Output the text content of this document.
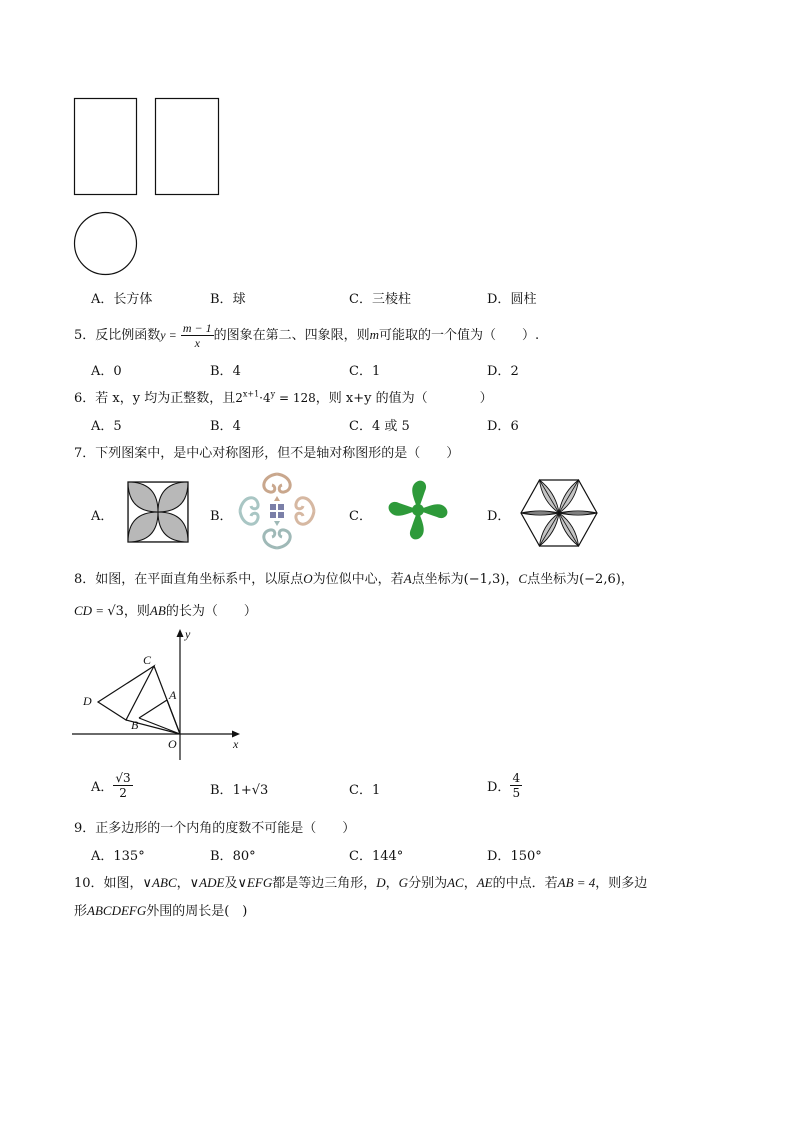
A．长方体	B．球	C．三棱柱	D．圆柱
5．反比例函数$y = \frac{m - 1}{x}$ 的图象在第二、四象限，则m可能取的一个值为（　　）.
A．0	B．4	C．1	D．2
6．若 x，y 均为正整数，且$2^{x+1}\cdot 4^y = 128$，则 x+y 的值为（　　　　）
A．5	B．4	C．4 或 5	D．6
7．下列图案中，是中心对称图形，但不是轴对称图形的是（　　）
A．	B．	C．	D．
8．如图，在平面直角坐标系中，以原点O为位似中心，若A点坐标为(−1,3)，C点坐标为(−2,6)，
CD = √3，则AB的长为（　　）
y
x
C
A
D
B
O
A． $\frac{√3}{2}$	B．1+√3	C．1	D． $\frac{4}{5}$
9．正多边形的一个内角的度数不可能是（　　）
A．135°	B．80°	C．144°	D．150°
10．如图，∨ABC，∨ADE及∨EFG都是等边三角形，D，G分别为AC，AE的中点．若AB = 4，则多边
形ABCDEFG外围的周长是(　)
